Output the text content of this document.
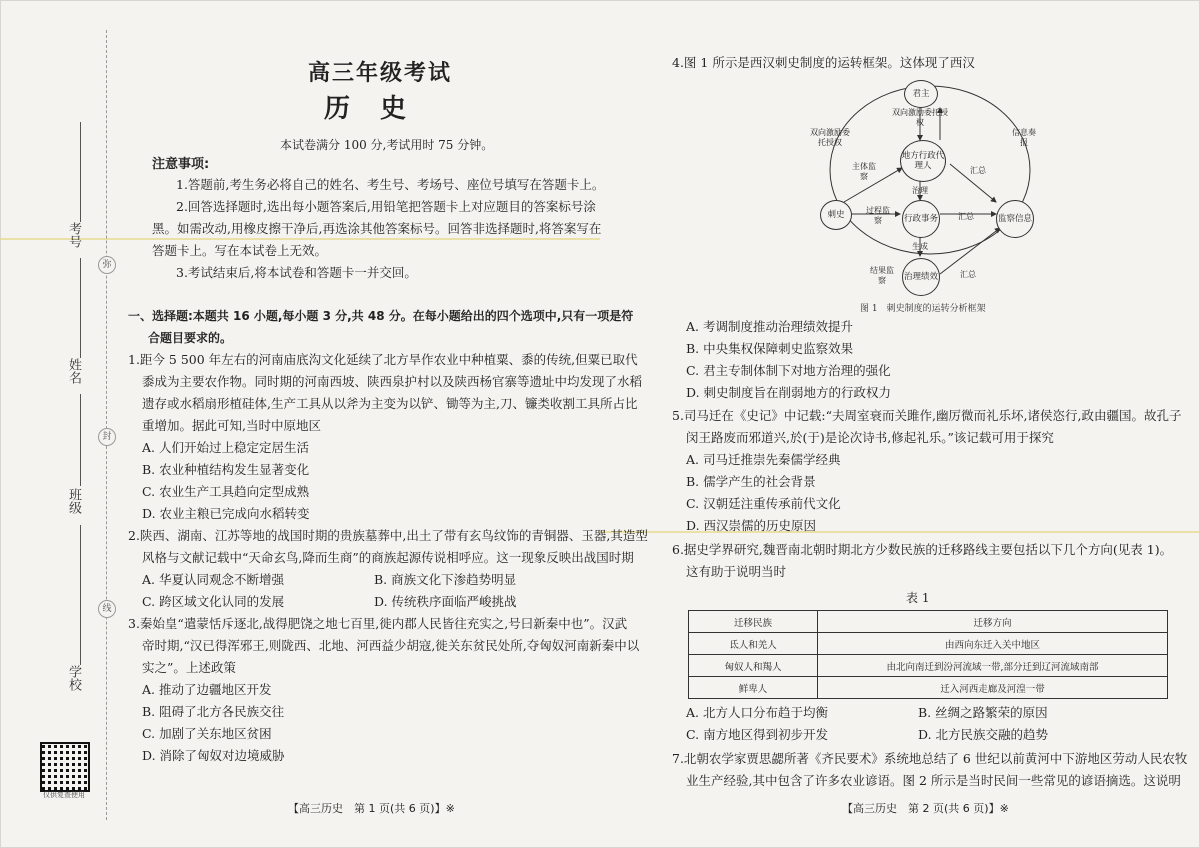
弥
封
线
考号
姓名
班级
学校
仅供复查使用
高三年级考试
历史
本试卷满分 100 分,考试用时 75 分钟。
注意事项:
1.答题前,考生务必将自己的姓名、考生号、考场号、座位号填写在答题卡上。
2.回答选择题时,选出每小题答案后,用铅笔把答题卡上对应题目的答案标号涂
黑。如需改动,用橡皮擦干净后,再选涂其他答案标号。回答非选择题时,将答案写在
答题卡上。写在本试卷上无效。
3.考试结束后,将本试卷和答题卡一并交回。
一、选择题:本题共 16 小题,每小题 3 分,共 48 分。在每小题给出的四个选项中,只有一项是符
合题目要求的。
1.距今 5 500 年左右的河南庙底沟文化延续了北方旱作农业中种植粟、黍的传统,但粟已取代
黍成为主要农作物。同时期的河南西坡、陕西泉护村以及陕西杨官寨等遗址中均发现了水稻
遗存或水稻扇形植硅体,生产工具从以斧为主变为以铲、锄等为主,刀、镰类收割工具所占比
重增加。据此可知,当时中原地区
A. 人们开始过上稳定定居生活
B. 农业种植结构发生显著变化
C. 农业生产工具趋向定型成熟
D. 农业主粮已完成向水稻转变
2.陕西、湖南、江苏等地的战国时期的贵族墓葬中,出土了带有玄鸟纹饰的青铜器、玉器,其造型
风格与文献记载中“天命玄鸟,降而生商”的商族起源传说相呼应。这一现象反映出战国时期
A. 华夏认同观念不断增强	B. 商族文化下渗趋势明显
C. 跨区域文化认同的发展	D. 传统秩序面临严峻挑战
3.秦始皇“遣蒙恬斥逐北,战得肥饶之地七百里,徙内郡人民皆往充实之,号曰新秦中也”。汉武
帝时期,“汉已得浑邪王,则陇西、北地、河西益少胡寇,徙关东贫民处所,夺匈奴河南新秦中以
实之”。上述政策
A. 推动了边疆地区开发
B. 阻碍了北方各民族交往
C. 加剧了关东地区贫困
D. 消除了匈奴对边境威胁
【高三历史　第 1 页(共 6 页)】※
4.图 1 所示是西汉刺史制度的运转框架。这体现了西汉
君主
地方行政代理人
刺史	行政事务	监察信息
治理绩效
双向激励委托授权
双向激励委托授权
信息奏报
主体监察
汇总
治理
过程监察	汇总
生成
结果监察
汇总
图 1　刺史制度的运转分析框架
A. 考调制度推动治理绩效提升
B. 中央集权保障刺史监察效果
C. 君主专制体制下对地方治理的强化
D. 刺史制度旨在削弱地方的行政权力
5.司马迁在《史记》中记载:“夫周室衰而关雎作,幽厉微而礼乐坏,诸侯恣行,政由疆国。故孔子
闵王路废而邪道兴,於(于)是论次诗书,修起礼乐。”该记载可用于探究
A. 司马迁推崇先秦儒学经典
B. 儒学产生的社会背景
C. 汉朝廷注重传承前代文化
D. 西汉崇儒的历史原因
6.据史学界研究,魏晋南北朝时期北方少数民族的迁移路线主要包括以下几个方向(见表 1)。
这有助于说明当时
表 1
迁移民族	迁移方向
氐人和羌人	由西向东迁入关中地区
匈奴人和羯人	由北向南迁到汾河流域一带,部分迁到辽河流域南部
鲜卑人	迁入河西走廊及河湟一带
A. 北方人口分布趋于均衡	B. 丝绸之路繁荣的原因
C. 南方地区得到初步开发	D. 北方民族交融的趋势
7.北朝农学家贾思勰所著《齐民要术》系统地总结了 6 世纪以前黄河中下游地区劳动人民农牧
业生产经验,其中包含了许多农业谚语。图 2 所示是当时民间一些常见的谚语摘选。这说明
【高三历史　第 2 页(共 6 页)】※
